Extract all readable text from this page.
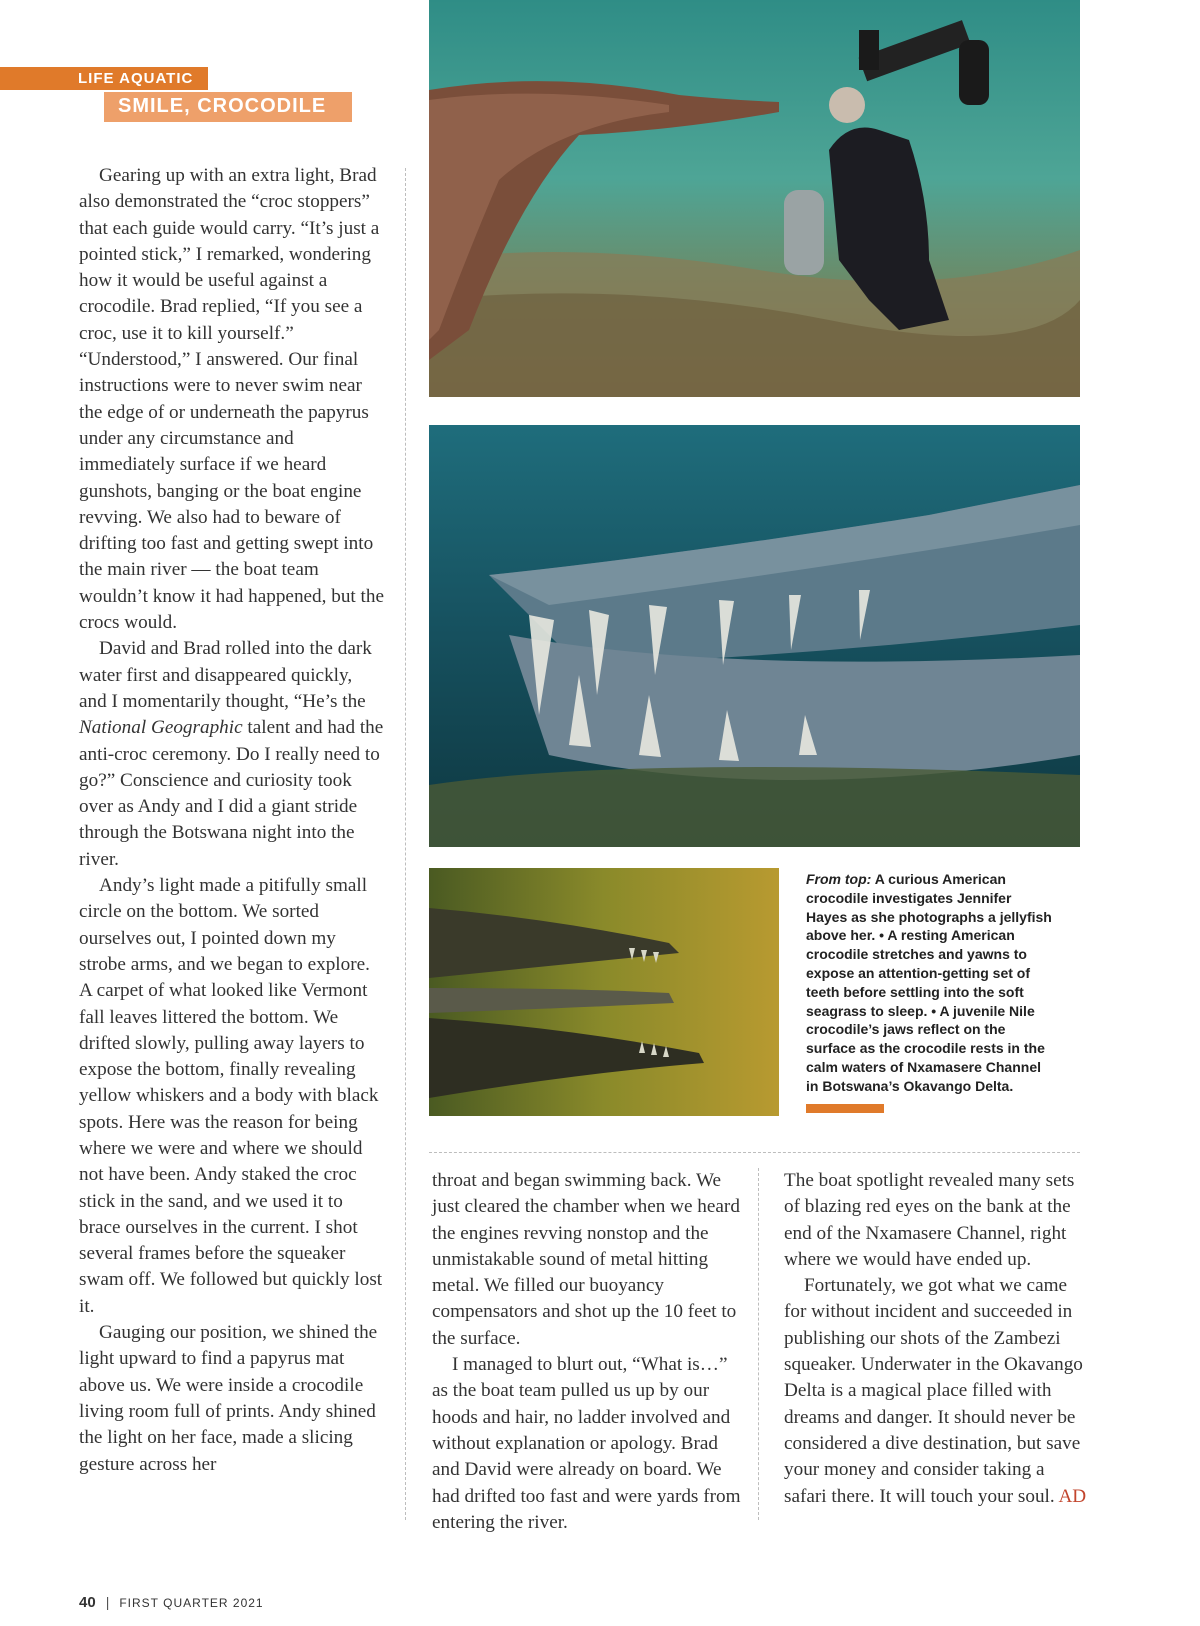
LIFE AQUATIC
SMILE, CROCODILE

Gearing up with an extra light, Brad also demonstrated the “croc stoppers” that each guide would carry. “It’s just a pointed stick,” I remarked, wondering how it would be useful against a crocodile. Brad replied, “If you see a croc, use it to kill yourself.” “Understood,” I answered. Our final instructions were to never swim near the edge of or underneath the papyrus under any circumstance and immediately surface if we heard gunshots, banging or the boat engine revving. We also had to beware of drifting too fast and getting swept into the main river — the boat team wouldn’t know it had happened, but the crocs would.

David and Brad rolled into the dark water first and disappeared quickly, and I momentarily thought, “He’s the National Geographic talent and had the anti-croc ceremony. Do I really need to go?” Conscience and curiosity took over as Andy and I did a giant stride through the Botswana night into the river.

Andy’s light made a pitifully small circle on the bottom. We sorted ourselves out, I pointed down my strobe arms, and we began to explore. A carpet of what looked like Vermont fall leaves littered the bottom. We drifted slowly, pulling away layers to expose the bottom, finally revealing yellow whiskers and a body with black spots. Here was the reason for being where we were and where we should not have been. Andy staked the croc stick in the sand, and we used it to brace ourselves in the current. I shot several frames before the squeaker swam off. We followed but quickly lost it.

Gauging our position, we shined the light upward to find a papyrus mat above us. We were inside a crocodile living room full of prints. Andy shined the light on her face, made a slicing gesture across her

From top: A curious American crocodile investigates Jennifer Hayes as she photographs a jellyfish above her. • A resting American crocodile stretches and yawns to expose an attention-getting set of teeth before settling into the soft seagrass to sleep. • A juvenile Nile crocodile’s jaws reflect on the surface as the crocodile rests in the calm waters of Nxamasere Channel in Botswana’s Okavango Delta.

throat and began swimming back. We just cleared the chamber when we heard the engines revving nonstop and the unmistakable sound of metal hitting metal. We filled our buoyancy compensators and shot up the 10 feet to the surface.

I managed to blurt out, “What is…” as the boat team pulled us up by our hoods and hair, no ladder involved and without explanation or apology. Brad and David were already on board. We had drifted too fast and were yards from entering the river.

The boat spotlight revealed many sets of blazing red eyes on the bank at the end of the Nxamasere Channel, right where we would have ended up.

Fortunately, we got what we came for without incident and succeeded in publishing our shots of the Zambezi squeaker. Underwater in the Okavango Delta is a magical place filled with dreams and danger. It should never be considered a dive destination, but save your money and consider taking a safari there. It will touch your soul. AD

40 | FIRST QUARTER 2021
